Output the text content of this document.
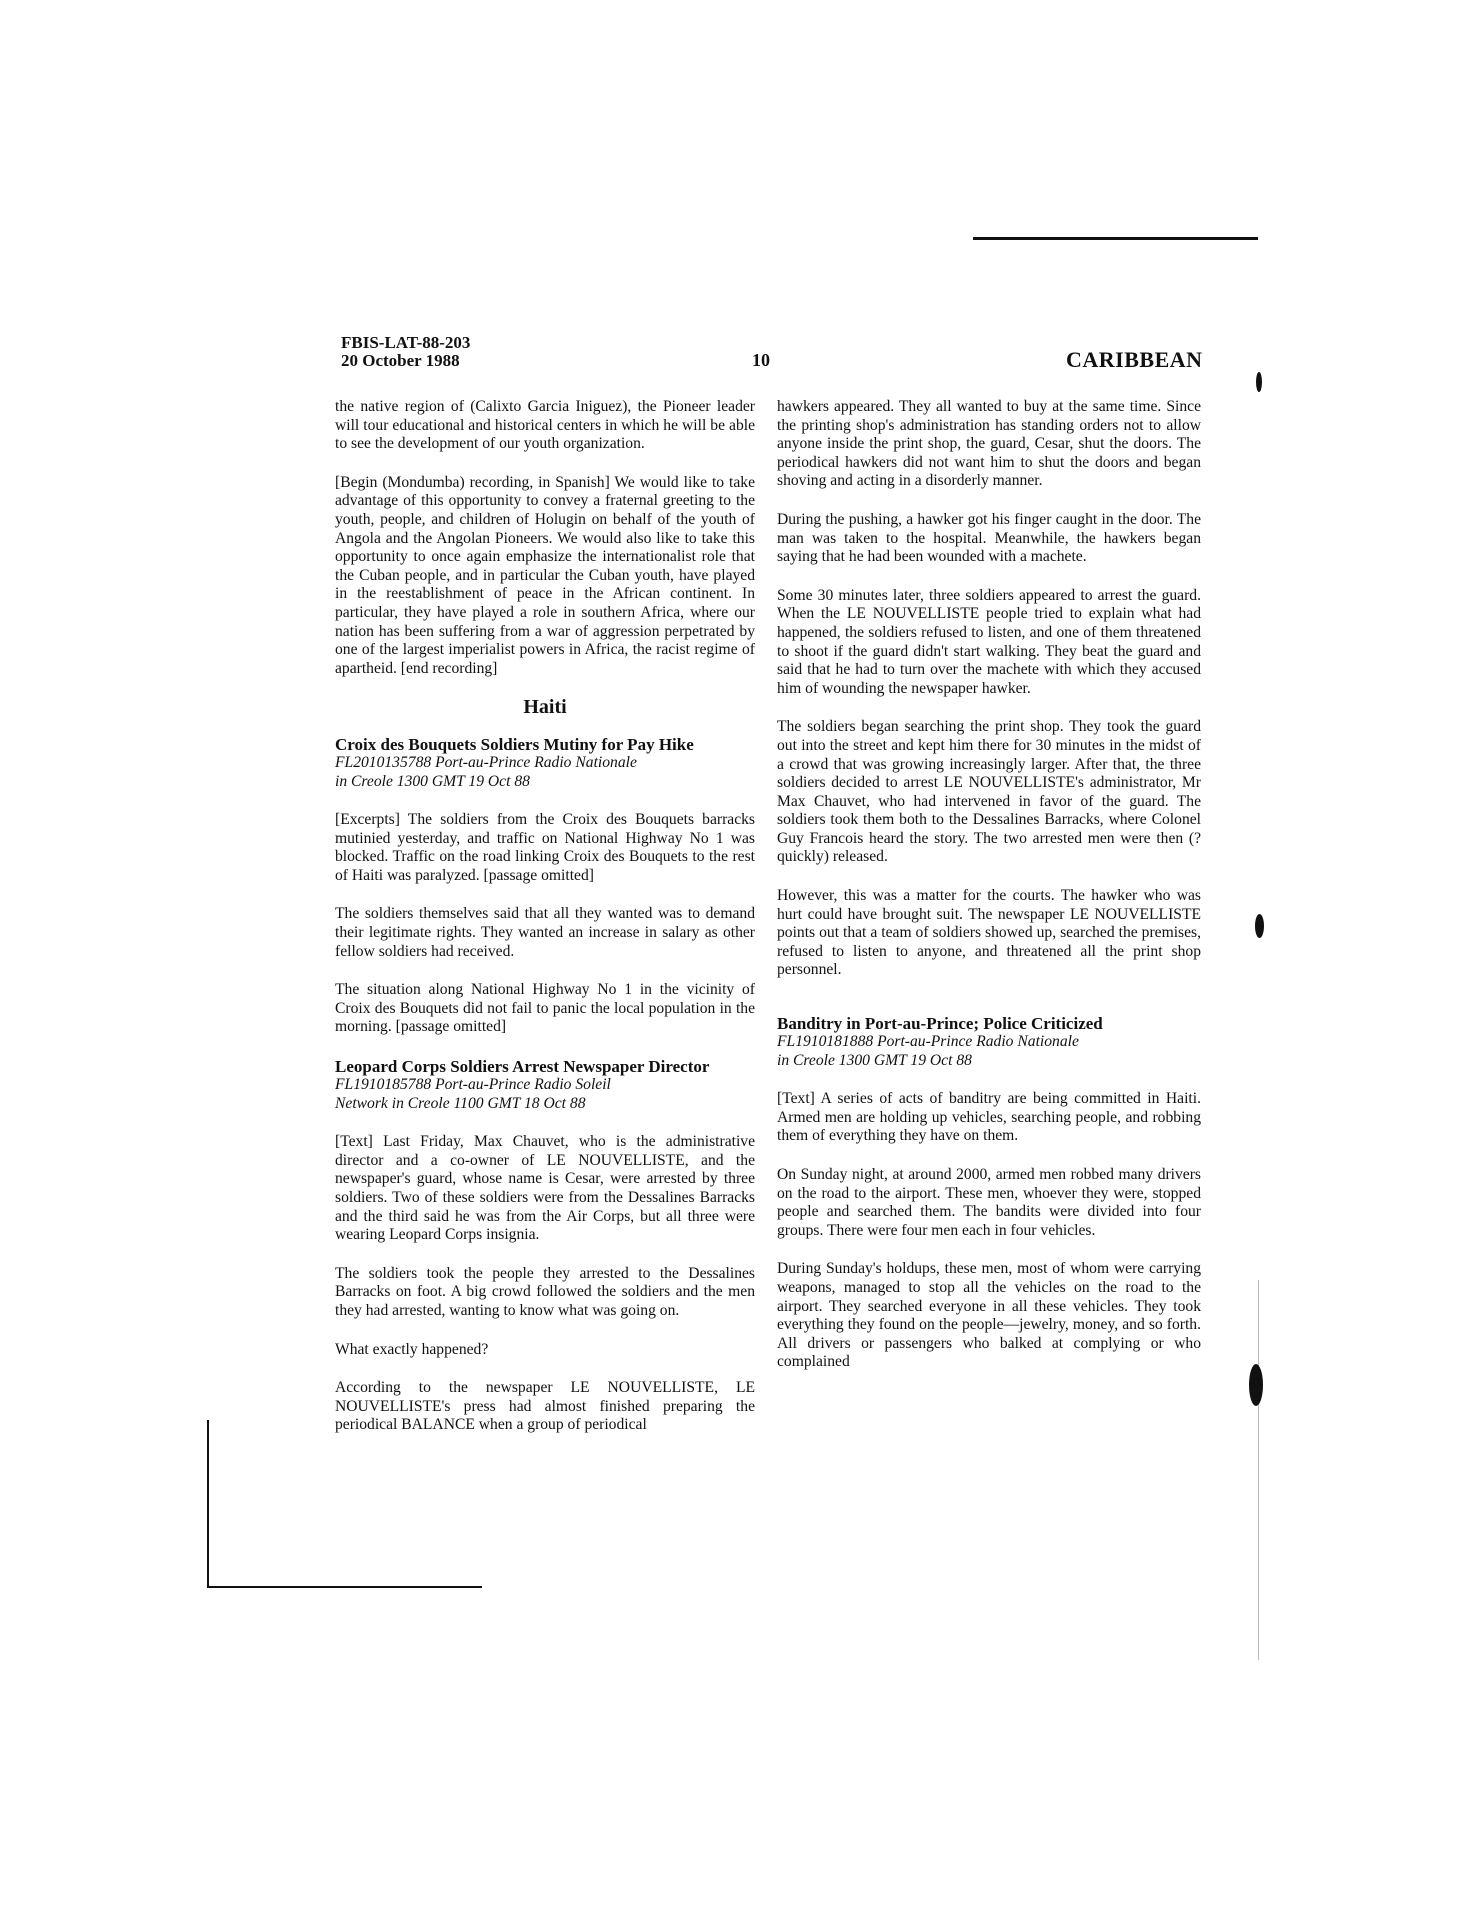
FBIS-LAT-88-203
20 October 1988	10	CARIBBEAN

the native region of (Calixto Garcia Iniguez), the Pioneer leader will tour educational and historical centers in which he will be able to see the development of our youth organization.

[Begin (Mondumba) recording, in Spanish] We would like to take advantage of this opportunity to convey a fraternal greeting to the youth, people, and children of Holugin on behalf of the youth of Angola and the Angolan Pioneers. We would also like to take this opportunity to once again emphasize the internationalist role that the Cuban people, and in particular the Cuban youth, have played in the reestablishment of peace in the African continent. In particular, they have played a role in southern Africa, where our nation has been suffering from a war of aggression perpetrated by one of the largest imperialist powers in Africa, the racist regime of apartheid. [end recording]

Haiti
Croix des Bouquets Soldiers Mutiny for Pay Hike
FL2010135788 Port-au-Prince Radio Nationale
in Creole 1300 GMT 19 Oct 88

[Excerpts] The soldiers from the Croix des Bouquets barracks mutinied yesterday, and traffic on National Highway No 1 was blocked. Traffic on the road linking Croix des Bouquets to the rest of Haiti was paralyzed. [passage omitted]

The soldiers themselves said that all they wanted was to demand their legitimate rights. They wanted an increase in salary as other fellow soldiers had received.

The situation along National Highway No 1 in the vicinity of Croix des Bouquets did not fail to panic the local population in the morning. [passage omitted]

Leopard Corps Soldiers Arrest Newspaper Director
FL1910185788 Port-au-Prince Radio Soleil
Network in Creole 1100 GMT 18 Oct 88

[Text] Last Friday, Max Chauvet, who is the administrative director and a co-owner of LE NOUVELLISTE, and the newspaper's guard, whose name is Cesar, were arrested by three soldiers. Two of these soldiers were from the Dessalines Barracks and the third said he was from the Air Corps, but all three were wearing Leopard Corps insignia.

The soldiers took the people they arrested to the Dessalines Barracks on foot. A big crowd followed the soldiers and the men they had arrested, wanting to know what was going on.

What exactly happened?

According to the newspaper LE NOUVELLISTE, LE NOUVELLISTE's press had almost finished preparing the periodical BALANCE when a group of periodical

hawkers appeared. They all wanted to buy at the same time. Since the printing shop's administration has standing orders not to allow anyone inside the print shop, the guard, Cesar, shut the doors. The periodical hawkers did not want him to shut the doors and began shoving and acting in a disorderly manner.

During the pushing, a hawker got his finger caught in the door. The man was taken to the hospital. Meanwhile, the hawkers began saying that he had been wounded with a machete.

Some 30 minutes later, three soldiers appeared to arrest the guard. When the LE NOUVELLISTE people tried to explain what had happened, the soldiers refused to listen, and one of them threatened to shoot if the guard didn't start walking. They beat the guard and said that he had to turn over the machete with which they accused him of wounding the newspaper hawker.

The soldiers began searching the print shop. They took the guard out into the street and kept him there for 30 minutes in the midst of a crowd that was growing increasingly larger. After that, the three soldiers decided to arrest LE NOUVELLISTE's administrator, Mr Max Chauvet, who had intervened in favor of the guard. The soldiers took them both to the Dessalines Barracks, where Colonel Guy Francois heard the story. The two arrested men were then (?quickly) released.

However, this was a matter for the courts. The hawker who was hurt could have brought suit. The newspaper LE NOUVELLISTE points out that a team of soldiers showed up, searched the premises, refused to listen to anyone, and threatened all the print shop personnel.

Banditry in Port-au-Prince; Police Criticized
FL1910181888 Port-au-Prince Radio Nationale
in Creole 1300 GMT 19 Oct 88

[Text] A series of acts of banditry are being committed in Haiti. Armed men are holding up vehicles, searching people, and robbing them of everything they have on them.

On Sunday night, at around 2000, armed men robbed many drivers on the road to the airport. These men, whoever they were, stopped people and searched them. The bandits were divided into four groups. There were four men each in four vehicles.

During Sunday's holdups, these men, most of whom were carrying weapons, managed to stop all the vehicles on the road to the airport. They searched everyone in all these vehicles. They took everything they found on the people—jewelry, money, and so forth. All drivers or passengers who balked at complying or who complained
